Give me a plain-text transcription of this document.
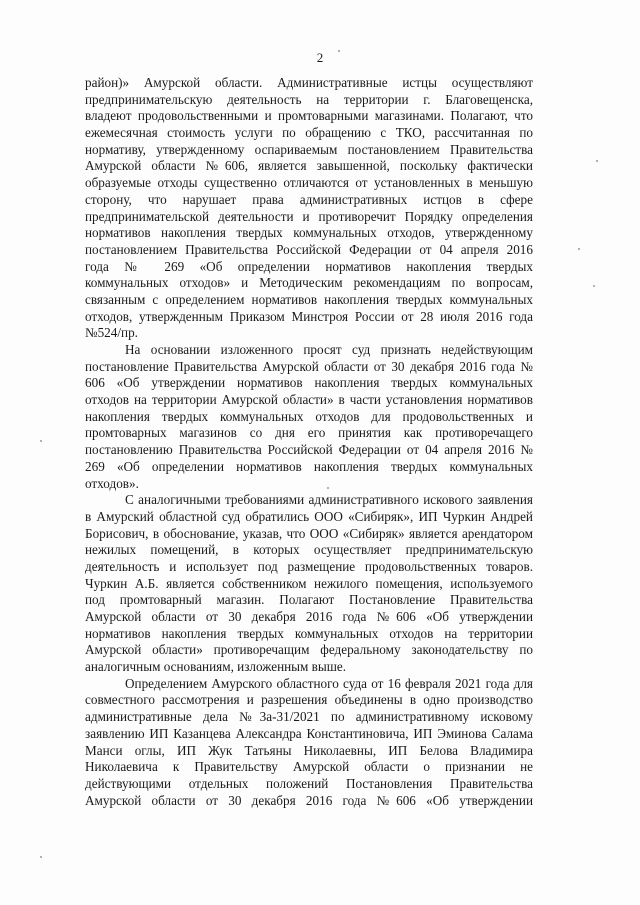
2
район)» Амурской области. Административные истцы осуществляют
предпринимательскую деятельность на территории г. Благовещенска,
владеют продовольственными и промтоварными магазинами. Полагают, что
ежемесячная стоимость услуги по обращению с ТКО, рассчитанная по
нормативу, утвержденному оспариваемым постановлением Правительства
Амурской области №606, является завышенной, поскольку фактически
образуемые отходы существенно отличаются от установленных в меньшую
сторону, что нарушает права административных истцов в сфере
предпринимательской деятельности и противоречит Порядку определения
нормативов накопления твердых коммунальных отходов, утвержденному
постановлением Правительства Российской Федерации от 04 апреля 2016
года № 269 «Об определении нормативов накопления твердых
коммунальных отходов» и Методическим рекомендациям по вопросам,
связанным с определением нормативов накопления твердых коммунальных
отходов, утвержденным Приказом Минстроя России от 28 июля 2016 года
№524/пр.
На основании изложенного просят суд признать недействующим
постановление Правительства Амурской области от 30 декабря 2016 года №
606 «Об утверждении нормативов накопления твердых коммунальных
отходов на территории Амурской области» в части установления нормативов
накопления твердых коммунальных отходов для продовольственных и
промтоварных магазинов со дня его принятия как противоречащего
постановлению Правительства Российской Федерации от 04 апреля 2016 №
269 «Об определении нормативов накопления твердых коммунальных
отходов».
С аналогичными требованиями административного искового заявления
в Амурский областной суд обратились ООО «Сибиряк», ИП Чуркин Андрей
Борисович, в обоснование, указав, что ООО «Сибиряк» является арендатором
нежилых помещений, в которых осуществляет предпринимательскую
деятельность и использует под размещение продовольственных товаров.
Чуркин А.Б. является собственником нежилого помещения, используемого
под промтоварный магазин. Полагают Постановление Правительства
Амурской области от 30 декабря 2016 года №606 «Об утверждении
нормативов накопления твердых коммунальных отходов на территории
Амурской области» противоречащим федеральному законодательству по
аналогичным основаниям, изложенным выше.
Определением Амурского областного суда от 16 февраля 2021 года для
совместного рассмотрения и разрешения объединены в одно производство
административные дела №3а-31/2021 по административному исковому
заявлению ИП Казанцева Александра Константиновича, ИП Эминова Салама
Манси оглы, ИП Жук Татьяны Николаевны, ИП Белова Владимира
Николаевича к Правительству Амурской области о признании не
действующими отдельных положений Постановления Правительства
Амурской области от 30 декабря 2016 года №606 «Об утверждении
